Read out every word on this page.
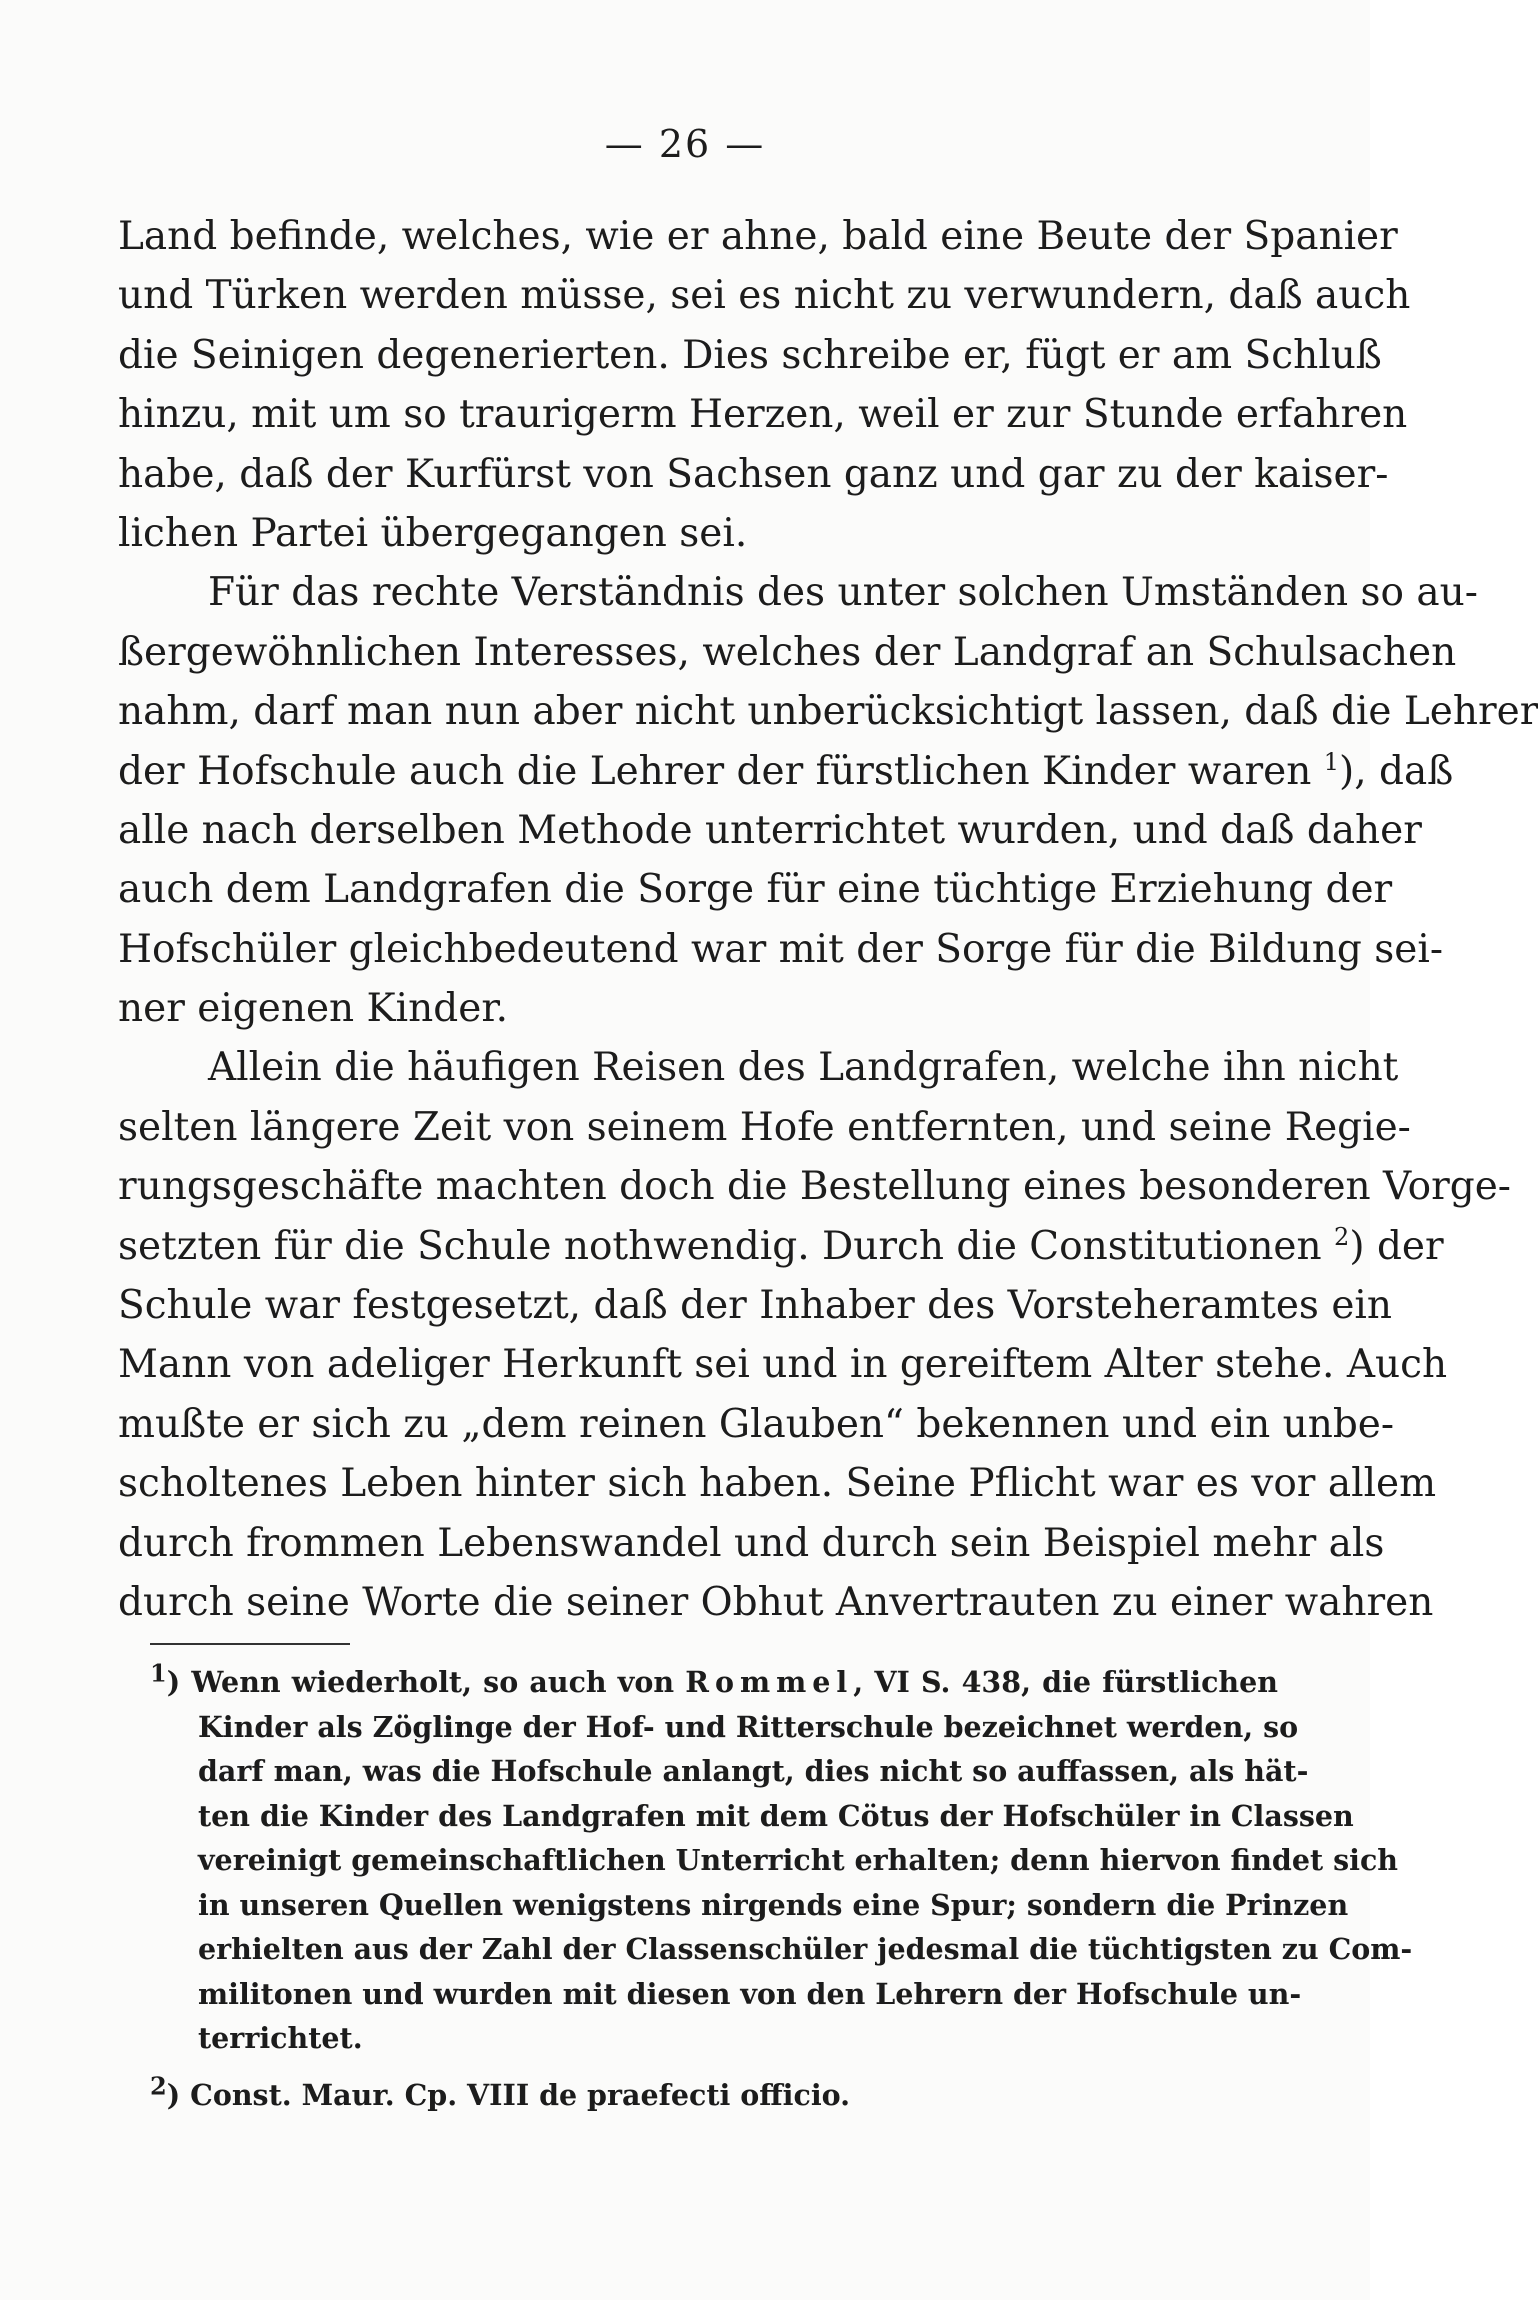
— 26 —
Land befinde, welches, wie er ahne, bald eine Beute der Spanier
und Türken werden müsse, sei es nicht zu verwundern, daß auch
die Seinigen degenerierten. Dies schreibe er, fügt er am Schluß
hinzu, mit um so traurigerm Herzen, weil er zur Stunde erfahren
habe, daß der Kurfürst von Sachsen ganz und gar zu der kaiser-
lichen Partei übergegangen sei.
Für das rechte Verständnis des unter solchen Umständen so au-
ßergewöhnlichen Interesses, welches der Landgraf an Schulsachen
nahm, darf man nun aber nicht unberücksichtigt lassen, daß die Lehrer
der Hofschule auch die Lehrer der fürstlichen Kinder waren $^1$), daß
alle nach derselben Methode unterrichtet wurden, und daß daher
auch dem Landgrafen die Sorge für eine tüchtige Erziehung der
Hofschüler gleichbedeutend war mit der Sorge für die Bildung sei-
ner eigenen Kinder.
Allein die häufigen Reisen des Landgrafen, welche ihn nicht
selten längere Zeit von seinem Hofe entfernten, und seine Regie-
rungsgeschäfte machten doch die Bestellung eines besonderen Vorge-
setzten für die Schule nothwendig. Durch die Constitutionen $^2$) der
Schule war festgesetzt, daß der Inhaber des Vorsteheramtes ein
Mann von adeliger Herkunft sei und in gereiftem Alter stehe. Auch
mußte er sich zu „dem reinen Glauben“ bekennen und ein unbe-
scholtenes Leben hinter sich haben. Seine Pflicht war es vor allem
durch frommen Lebenswandel und durch sein Beispiel mehr als
durch seine Worte die seiner Obhut Anvertrauten zu einer wahren
$^1$) Wenn wiederholt, so auch von Rommel, VI S. 438, die fürstlichen
Kinder als Zöglinge der Hof- und Ritterschule bezeichnet werden, so
darf man, was die Hofschule anlangt, dies nicht so auffassen, als hät-
ten die Kinder des Landgrafen mit dem Cötus der Hofschüler in Classen
vereinigt gemeinschaftlichen Unterricht erhalten; denn hiervon findet sich
in unseren Quellen wenigstens nirgends eine Spur; sondern die Prinzen
erhielten aus der Zahl der Classenschüler jedesmal die tüchtigsten zu Com-
militonen und wurden mit diesen von den Lehrern der Hofschule un-
terrichtet.
$^2$) Const. Maur. Cp. VIII de praefecti officio.
